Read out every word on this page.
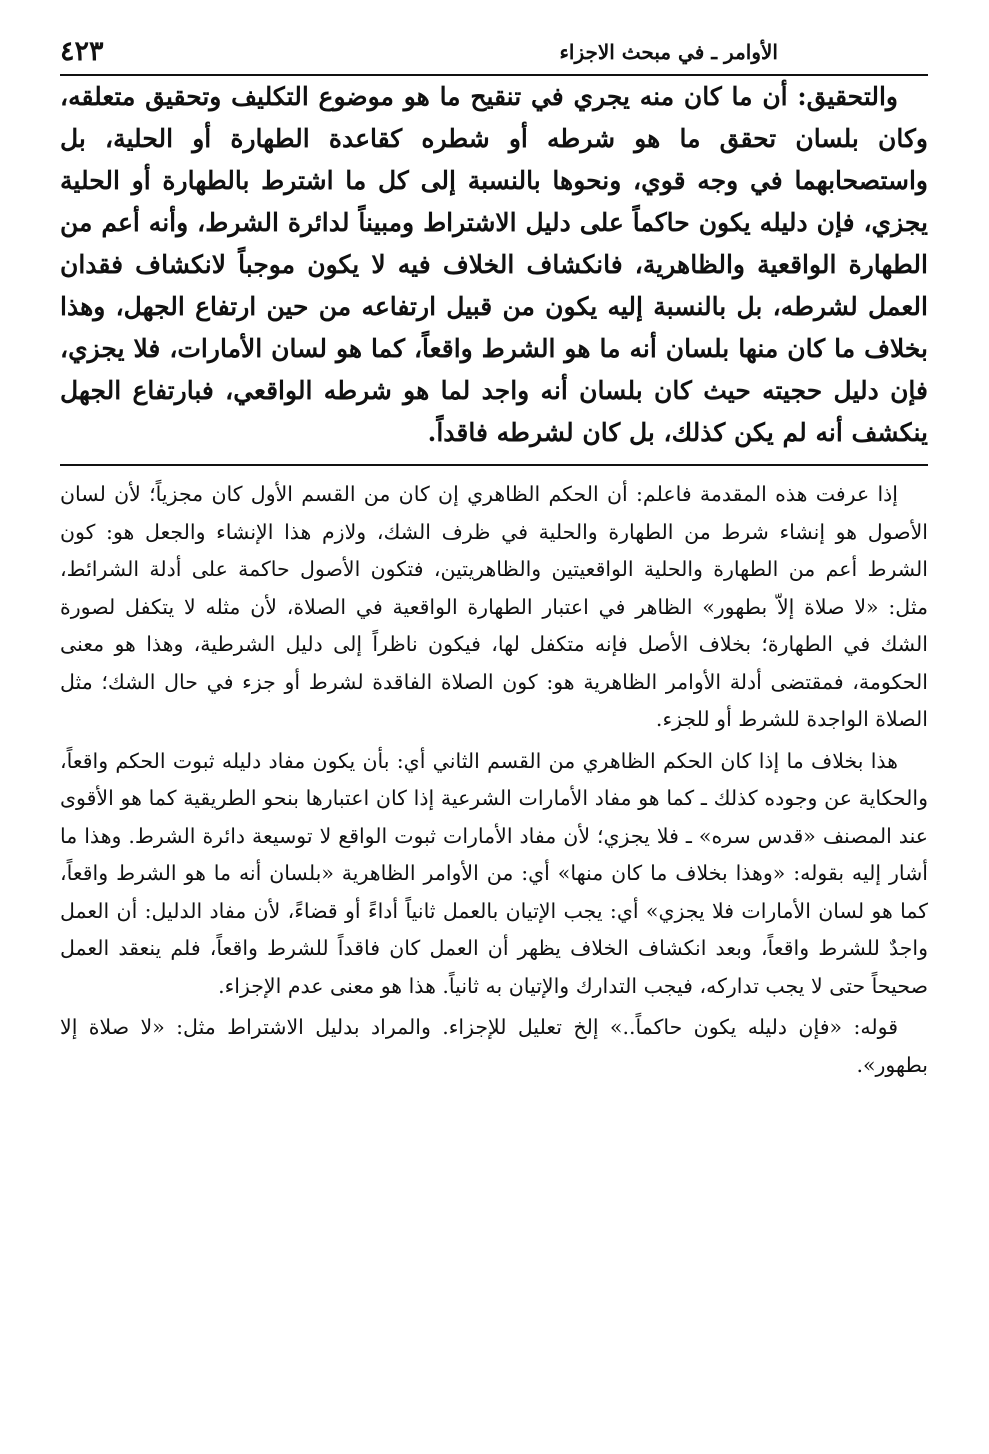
الأوامر ـ في مبحث الاجزاء
٤٢٣

والتحقيق: أن ما كان منه يجري في تنقيح ما هو موضوع التكليف وتحقيق متعلقه، وكان بلسان تحقق ما هو شرطه أو شطره كقاعدة الطهارة أو الحلية، بل واستصحابهما في وجه قوي، ونحوها بالنسبة إلى كل ما اشترط بالطهارة أو الحلية يجزي، فإن دليله يكون حاكماً على دليل الاشتراط ومبيناً لدائرة الشرط، وأنه أعم من الطهارة الواقعية والظاهرية، فانكشاف الخلاف فيه لا يكون موجباً لانكشاف فقدان العمل لشرطه، بل بالنسبة إليه يكون من قبيل ارتفاعه من حين ارتفاع الجهل، وهذا بخلاف ما كان منها بلسان أنه ما هو الشرط واقعاً، كما هو لسان الأمارات، فلا يجزي، فإن دليل حجيته حيث كان بلسان أنه واجد لما هو شرطه الواقعي، فبارتفاع الجهل ينكشف أنه لم يكن كذلك، بل كان لشرطه فاقداً.

إذا عرفت هذه المقدمة فاعلم: أن الحكم الظاهري إن كان من القسم الأول كان مجزياً؛ لأن لسان الأصول هو إنشاء شرط من الطهارة والحلية في ظرف الشك، ولازم هذا الإنشاء والجعل هو: كون الشرط أعم من الطهارة والحلية الواقعيتين والظاهريتين، فتكون الأصول حاكمة على أدلة الشرائط، مثل: «لا صلاة إلاّ بطهور» الظاهر في اعتبار الطهارة الواقعية في الصلاة، لأن مثله لا يتكفل لصورة الشك في الطهارة؛ بخلاف الأصل فإنه متكفل لها، فيكون ناظراً إلى دليل الشرطية، وهذا هو معنى الحكومة، فمقتضى أدلة الأوامر الظاهرية هو: كون الصلاة الفاقدة لشرط أو جزء في حال الشك؛ مثل الصلاة الواجدة للشرط أو للجزء.

هذا بخلاف ما إذا كان الحكم الظاهري من القسم الثاني أي: بأن يكون مفاد دليله ثبوت الحكم واقعاً، والحكاية عن وجوده كذلك ـ كما هو مفاد الأمارات الشرعية إذا كان اعتبارها بنحو الطريقية كما هو الأقوى عند المصنف «قدس سره» ـ فلا يجزي؛ لأن مفاد الأمارات ثبوت الواقع لا توسيعة دائرة الشرط. وهذا ما أشار إليه بقوله: «وهذا بخلاف ما كان منها» أي: من الأوامر الظاهرية «بلسان أنه ما هو الشرط واقعاً، كما هو لسان الأمارات فلا يجزي» أي: يجب الإتيان بالعمل ثانياً أداءً أو قضاءً، لأن مفاد الدليل: أن العمل واجدٌ للشرط واقعاً، وبعد انكشاف الخلاف يظهر أن العمل كان فاقداً للشرط واقعاً، فلم ينعقد العمل صحيحاً حتى لا يجب تداركه، فيجب التدارك والإتيان به ثانياً. هذا هو معنى عدم الإجزاء.

قوله: «فإن دليله يكون حاكماً..» إلخ تعليل للإجزاء. والمراد بدليل الاشتراط مثل: «لا صلاة إلا بطهور».
